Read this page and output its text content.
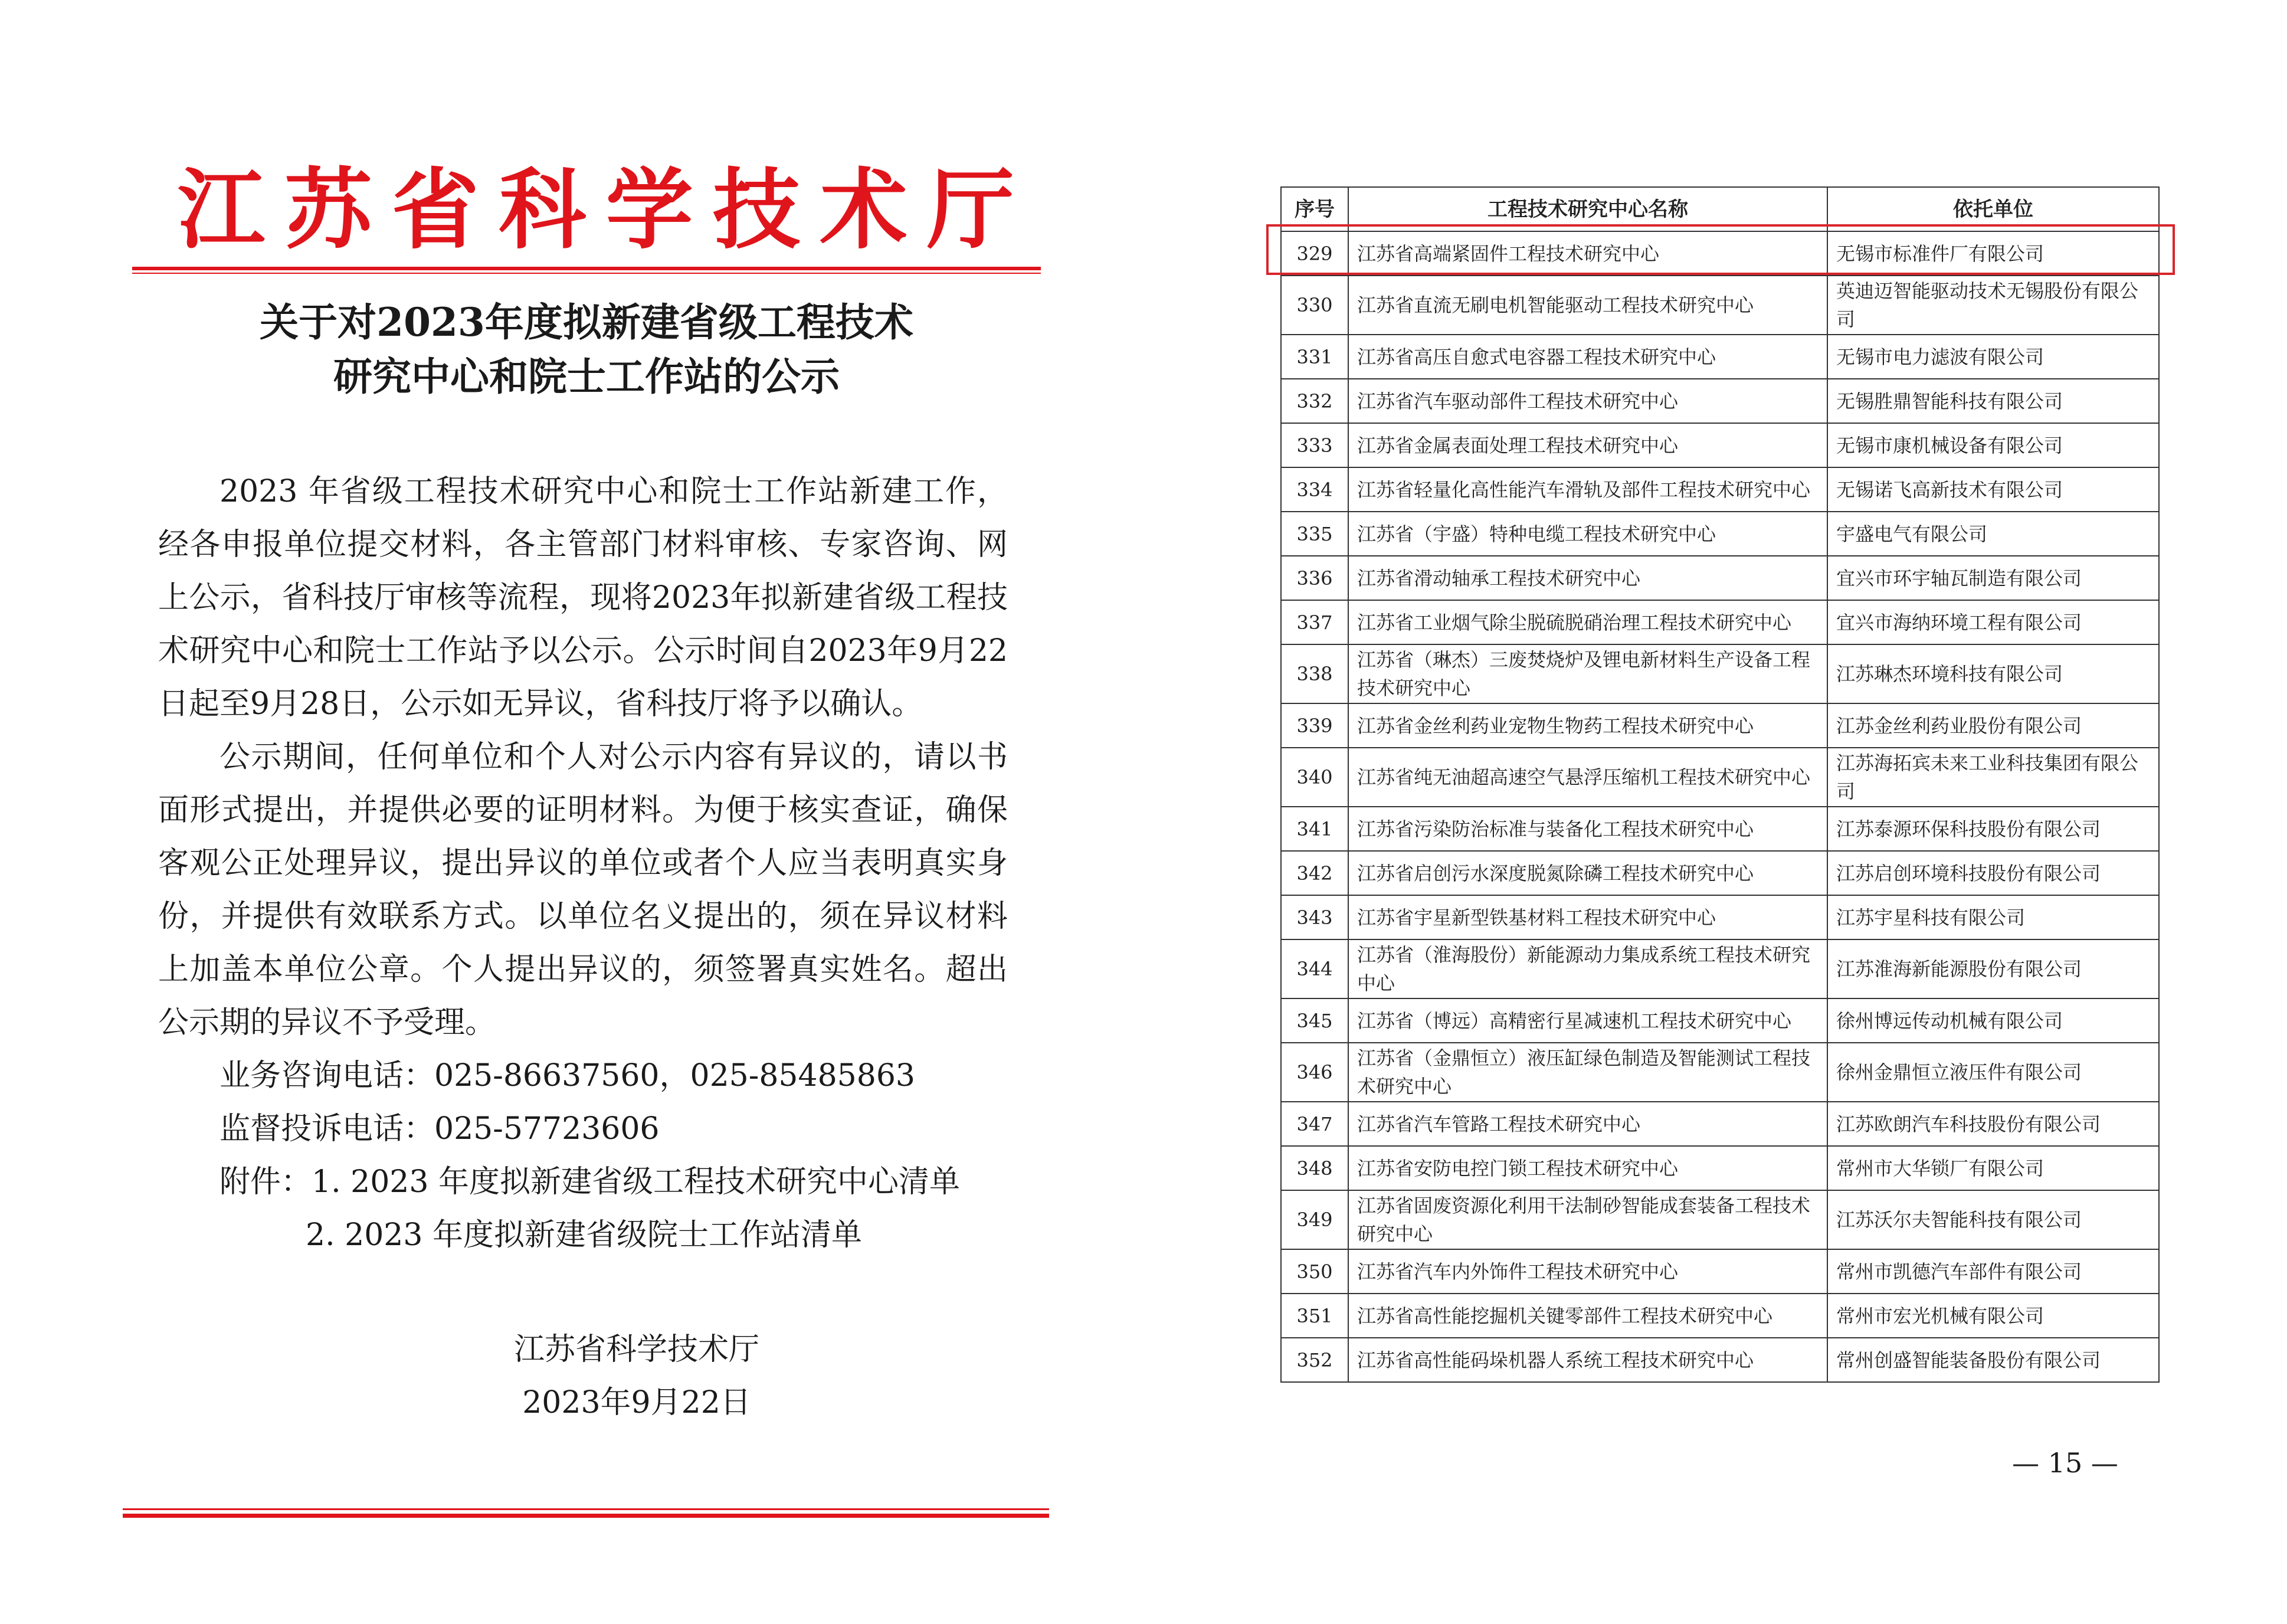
江 苏 省 科 学 技 术 厅
关于对2023年度拟新建省级工程技术
研究中心和院士工作站的公示

2023 年省级工程技术研究中心和院士工作站新建工作，经各申报单位提交材料，各主管部门材料审核、专家咨询、网上公示，省科技厅审核等流程，现将2023年拟新建省级工程技术研究中心和院士工作站予以公示。公示时间自2023年9月22日起至9月28日，公示如无异议，省科技厅将予以确认。

公示期间，任何单位和个人对公示内容有异议的，请以书面形式提出，并提供必要的证明材料。为便于核实查证，确保客观公正处理异议，提出异议的单位或者个人应当表明真实身份，并提供有效联系方式。以单位名义提出的，须在异议材料上加盖本单位公章。个人提出异议的，须签署真实姓名。超出公示期的异议不予受理。

业务咨询电话：025-86637560，025-85485863
监督投诉电话：025-57723606
附件：1. 2023 年度拟新建省级工程技术研究中心清单
2. 2023 年度拟新建省级院士工作站清单
江苏省科学技术厅
2023年9月22日
序号	工程技术研究中心名称	依托单位
329	江苏省高端紧固件工程技术研究中心	无锡市标准件厂有限公司
330	江苏省直流无刷电机智能驱动工程技术研究中心	英迪迈智能驱动技术无锡股份有限公司
331	江苏省高压自愈式电容器工程技术研究中心	无锡市电力滤波有限公司
332	江苏省汽车驱动部件工程技术研究中心	无锡胜鼎智能科技有限公司
333	江苏省金属表面处理工程技术研究中心	无锡市康机械设备有限公司
334	江苏省轻量化高性能汽车滑轨及部件工程技术研究中心	无锡诺飞高新技术有限公司
335	江苏省（宇盛）特种电缆工程技术研究中心	宇盛电气有限公司
336	江苏省滑动轴承工程技术研究中心	宜兴市环宇轴瓦制造有限公司
337	江苏省工业烟气除尘脱硫脱硝治理工程技术研究中心	宜兴市海纳环境工程有限公司
338	江苏省（琳杰）三废焚烧炉及锂电新材料生产设备工程技术研究中心	江苏琳杰环境科技有限公司
339	江苏省金丝利药业宠物生物药工程技术研究中心	江苏金丝利药业股份有限公司
340	江苏省纯无油超高速空气悬浮压缩机工程技术研究中心	江苏海拓宾未来工业科技集团有限公司
341	江苏省污染防治标准与装备化工程技术研究中心	江苏泰源环保科技股份有限公司
342	江苏省启创污水深度脱氮除磷工程技术研究中心	江苏启创环境科技股份有限公司
343	江苏省宇星新型铁基材料工程技术研究中心	江苏宇星科技有限公司
344	江苏省（淮海股份）新能源动力集成系统工程技术研究中心	江苏淮海新能源股份有限公司
345	江苏省（博远）高精密行星减速机工程技术研究中心	徐州博远传动机械有限公司
346	江苏省（金鼎恒立）液压缸绿色制造及智能测试工程技术研究中心	徐州金鼎恒立液压件有限公司
347	江苏省汽车管路工程技术研究中心	江苏欧朗汽车科技股份有限公司
348	江苏省安防电控门锁工程技术研究中心	常州市大华锁厂有限公司
349	江苏省固废资源化利用干法制砂智能成套装备工程技术研究中心	江苏沃尔夫智能科技有限公司
350	江苏省汽车内外饰件工程技术研究中心	常州市凯德汽车部件有限公司
351	江苏省高性能挖掘机关键零部件工程技术研究中心	常州市宏光机械有限公司
352	江苏省高性能码垛机器人系统工程技术研究中心	常州创盛智能装备股份有限公司
— 15 —
